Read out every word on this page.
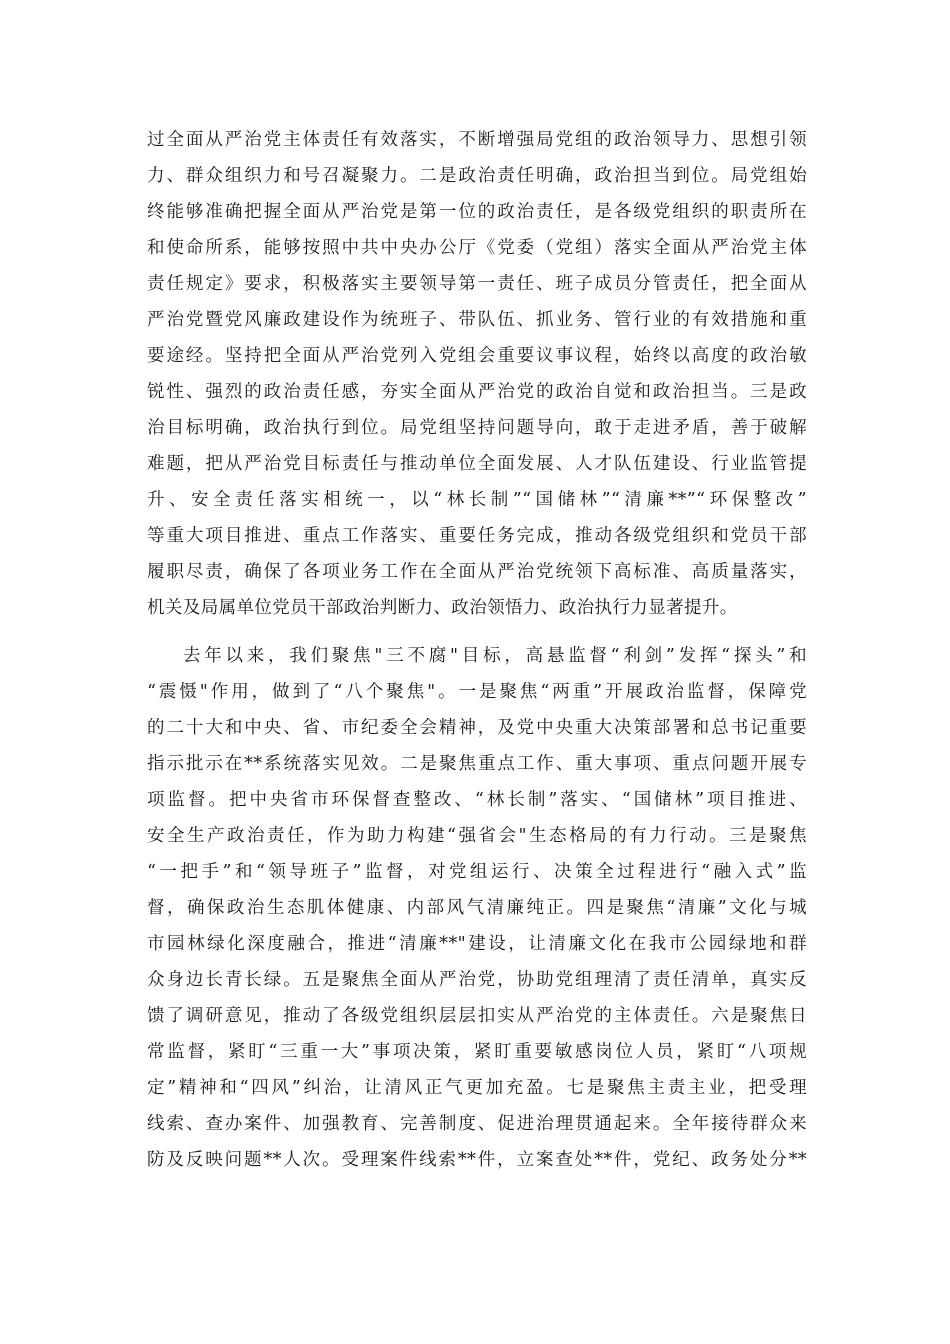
过全面从严治党主体责任有效落实，不断增强局党组的政治领导力、思想引领
力、群众组织力和号召凝聚力。二是政治责任明确，政治担当到位。局党组始
终能够准确把握全面从严治党是第一位的政治责任，是各级党组织的职责所在
和使命所系，能够按照中共中央办公厅《党委（党组）落实全面从严治党主体
责任规定》要求，积极落实主要领导第一责任、班子成员分管责任，把全面从
严治党暨党风廉政建设作为统班子、带队伍、抓业务、管行业的有效措施和重
要途经。坚持把全面从严治党列入党组会重要议事议程，始终以高度的政治敏
锐性、强烈的政治责任感，夯实全面从严治党的政治自觉和政治担当。三是政
治目标明确，政治执行到位。局党组坚持问题导向，敢于走进矛盾，善于破解
难题，把从严治党目标责任与推动单位全面发展、人才队伍建设、行业监管提
升、安全责任落实相统一，以“林长制”“国储林”“清廉**”“环保整改”
等重大项目推进、重点工作落实、重要任务完成，推动各级党组织和党员干部
履职尽责，确保了各项业务工作在全面从严治党统领下高标准、高质量落实，
机关及局属单位党员干部政治判断力、政治领悟力、政治执行力显著提升。
去年以来，我们聚焦"三不腐"目标，高悬监督“利剑”发挥“探头”和
“震慑"作用，做到了“八个聚焦"。一是聚焦“两重”开展政治监督，保障党
的二十大和中央、省、市纪委全会精神，及党中央重大决策部署和总书记重要
指示批示在**系统落实见效。二是聚焦重点工作、重大事项、重点问题开展专
项监督。把中央省市环保督查整改、“林长制”落实、“国储林”项目推进、
安全生产政治责任，作为助力构建“强省会"生态格局的有力行动。三是聚焦
“一把手”和“领导班子”监督，对党组运行、决策全过程进行“融入式”监
督，确保政治生态肌体健康、内部风气清廉纯正。四是聚焦“清廉”文化与城
市园林绿化深度融合，推进“清廉**"建设，让清廉文化在我市公园绿地和群
众身边长青长绿。五是聚焦全面从严治党，协助党组理清了责任清单，真实反
馈了调研意见，推动了各级党组织层层扣实从严治党的主体责任。六是聚焦日
常监督，紧盯“三重一大”事项决策，紧盯重要敏感岗位人员，紧盯“八项规
定”精神和“四风”纠治，让清风正气更加充盈。七是聚焦主责主业，把受理
线索、查办案件、加强教育、完善制度、促进治理贯通起来。全年接待群众来
防及反映问题**人次。受理案件线索**件，立案查处**件，党纪、政务处分**
